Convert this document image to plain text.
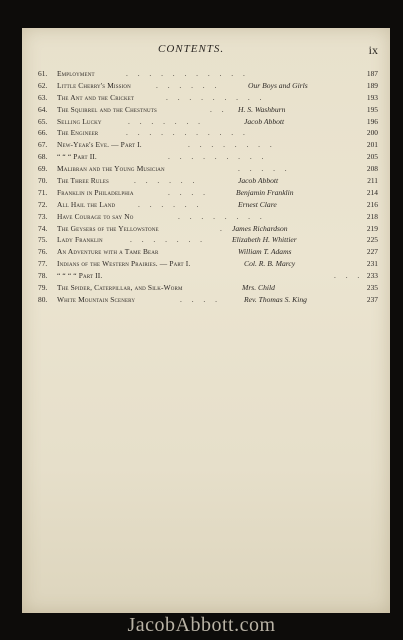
CONTENTS.	ix
61.	Employment	. . . . . . . . . . .	187
62.	Little Cherry's Mission	. . . . . .	Our Boys and Girls	189
63.	The Ant and the Cricket	. . . . . . . . .	193
64.	The Squirrel and the Chestnuts	. . H. S. Washburn	195
65.	Selling Lucky	. . . . . . .	Jacob Abbott	196
66.	The Engineer	. . . . . . . . . . .	200
67.	New-Year's Eve. — Part I.	. . . . . . . .	201
68.	“ “ “ Part II.	. . . . . . . . .	205
69.	Malibran and the Young Musician	. . . . .	208
70.	The Three Rules	. . . . . .	Jacob Abbott	211
71.	Franklin in Philadelphia	. . . .	Benjamin Franklin	214
72.	All Hail the Land	. . . . . .	Ernest Clare	216
73.	Have Courage to say No	. . . . . . . .	218
74.	The Geysers of the Yellowstone	. James Richardson	219
75.	Lady Franklin	. . . . . . .	Elizabeth H. Whittier	225
76.	An Adventure with a Tame Bear	William T. Adams	227
77.	Indians of the Western Prairies. — Part I.	Col. R. B. Marcy	231
78.	“ “ “ “ Part II.	. . . 233
79.	The Spider, Caterpillar, and Silk-Worm	Mrs. Child	235
80.	White Mountain Scenery	. . . .	Rev. Thomas S. King	237
JacobAbbott.com
